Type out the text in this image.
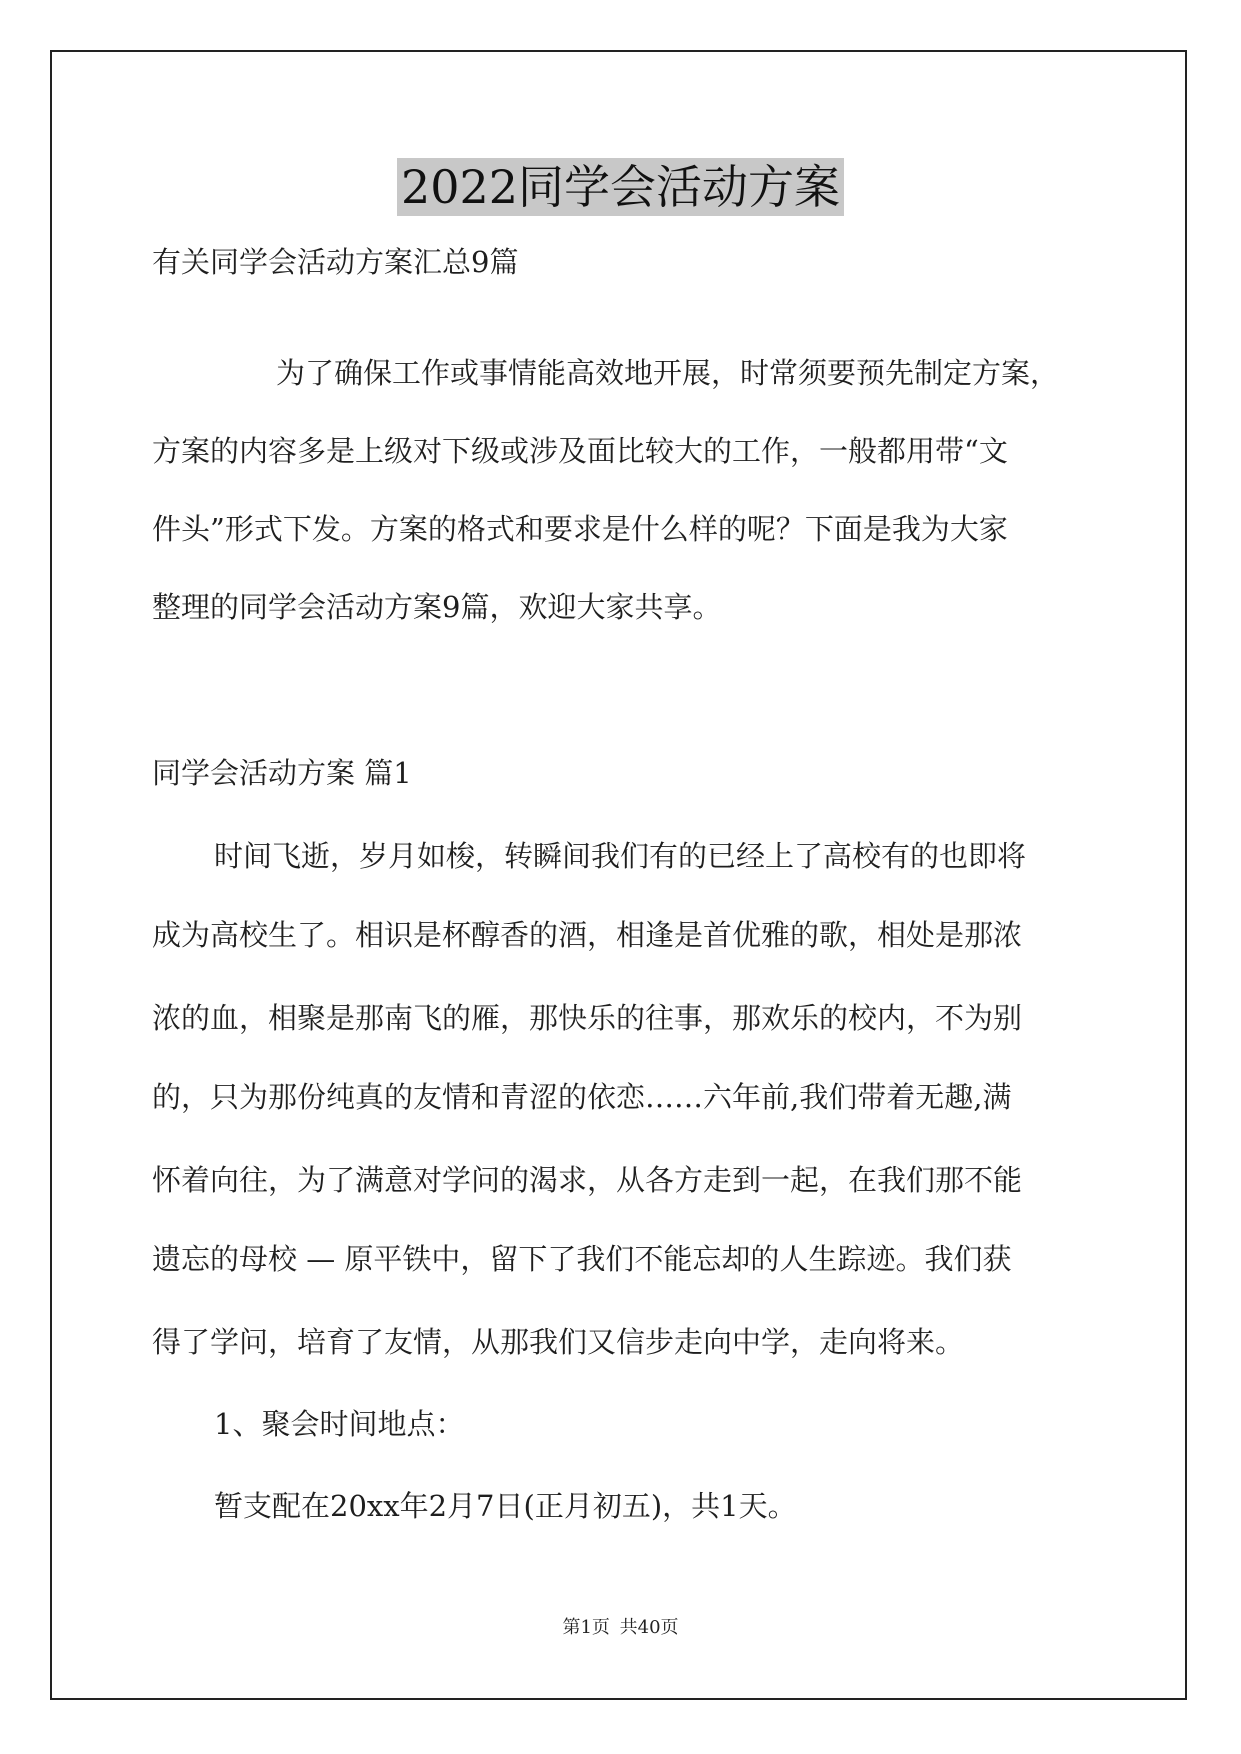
2022同学会活动方案
有关同学会活动方案汇总9篇
为了确保工作或事情能高效地开展，时常须要预先制定方案，
方案的内容多是上级对下级或涉及面比较大的工作，一般都用带“文
件头”形式下发。方案的格式和要求是什么样的呢？下面是我为大家
整理的同学会活动方案9篇，欢迎大家共享。
同学会活动方案 篇1
时间飞逝，岁月如梭，转瞬间我们有的已经上了高校有的也即将
成为高校生了。相识是杯醇香的酒，相逢是首优雅的歌，相处是那浓
浓的血，相聚是那南飞的雁，那快乐的往事，那欢乐的校内，不为别
的，只为那份纯真的友情和青涩的依恋……六年前,我们带着无趣,满
怀着向往，为了满意对学问的渴求，从各方走到一起，在我们那不能
遗忘的母校 — 原平铁中，留下了我们不能忘却的人生踪迹。我们获
得了学问，培育了友情，从那我们又信步走向中学，走向将来。
1、聚会时间地点：
暂支配在20xx年2月7日(正月初五)，共1天。
第1页 共40页
